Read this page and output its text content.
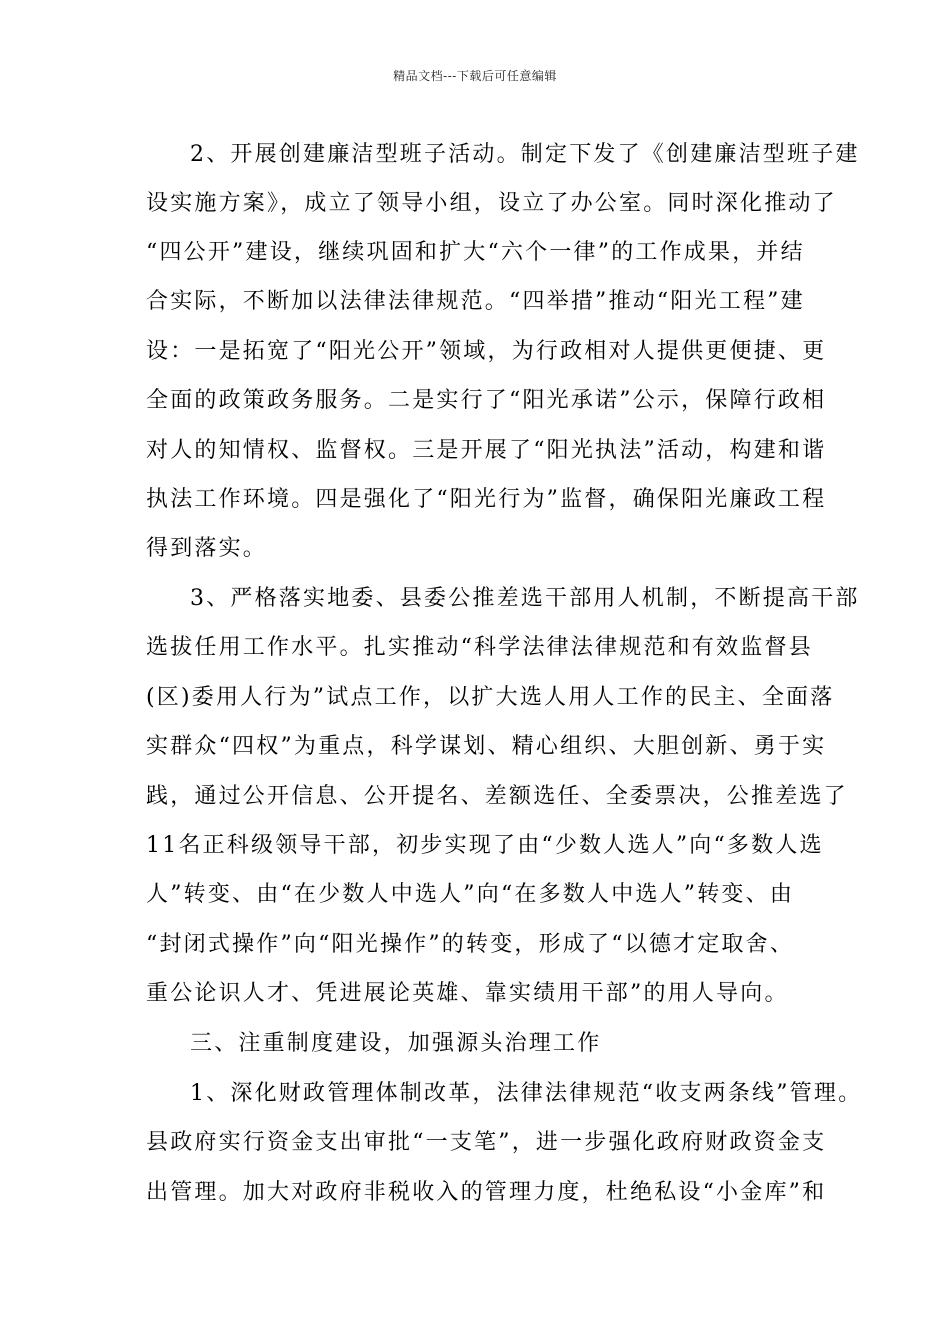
精品文档---下载后可任意编辑
2、开展创建廉洁型班子活动。制定下发了《创建廉洁型班子建
设实施方案》，成立了领导小组，设立了办公室。同时深化推动了
“四公开”建设，继续巩固和扩大“六个一律”的工作成果，并结
合实际，不断加以法律法律规范。“四举措”推动“阳光工程”建
设：一是拓宽了“阳光公开”领域，为行政相对人提供更便捷、更
全面的政策政务服务。二是实行了“阳光承诺”公示，保障行政相
对人的知情权、监督权。三是开展了“阳光执法”活动，构建和谐
执法工作环境。四是强化了“阳光行为”监督，确保阳光廉政工程
得到落实。
3、严格落实地委、县委公推差选干部用人机制，不断提高干部
选拔任用工作水平。扎实推动“科学法律法律规范和有效监督县
(区)委用人行为”试点工作，以扩大选人用人工作的民主、全面落
实群众“四权”为重点，科学谋划、精心组织、大胆创新、勇于实
践，通过公开信息、公开提名、差额选任、全委票决，公推差选了
11名正科级领导干部，初步实现了由“少数人选人”向“多数人选
人”转变、由“在少数人中选人”向“在多数人中选人”转变、由
“封闭式操作”向“阳光操作”的转变，形成了“以德才定取舍、
重公论识人才、凭进展论英雄、靠实绩用干部”的用人导向。
三、注重制度建设，加强源头治理工作
1、深化财政管理体制改革，法律法律规范“收支两条线”管理。
县政府实行资金支出审批“一支笔”，进一步强化政府财政资金支
出管理。加大对政府非税收入的管理力度，杜绝私设“小金库”和
